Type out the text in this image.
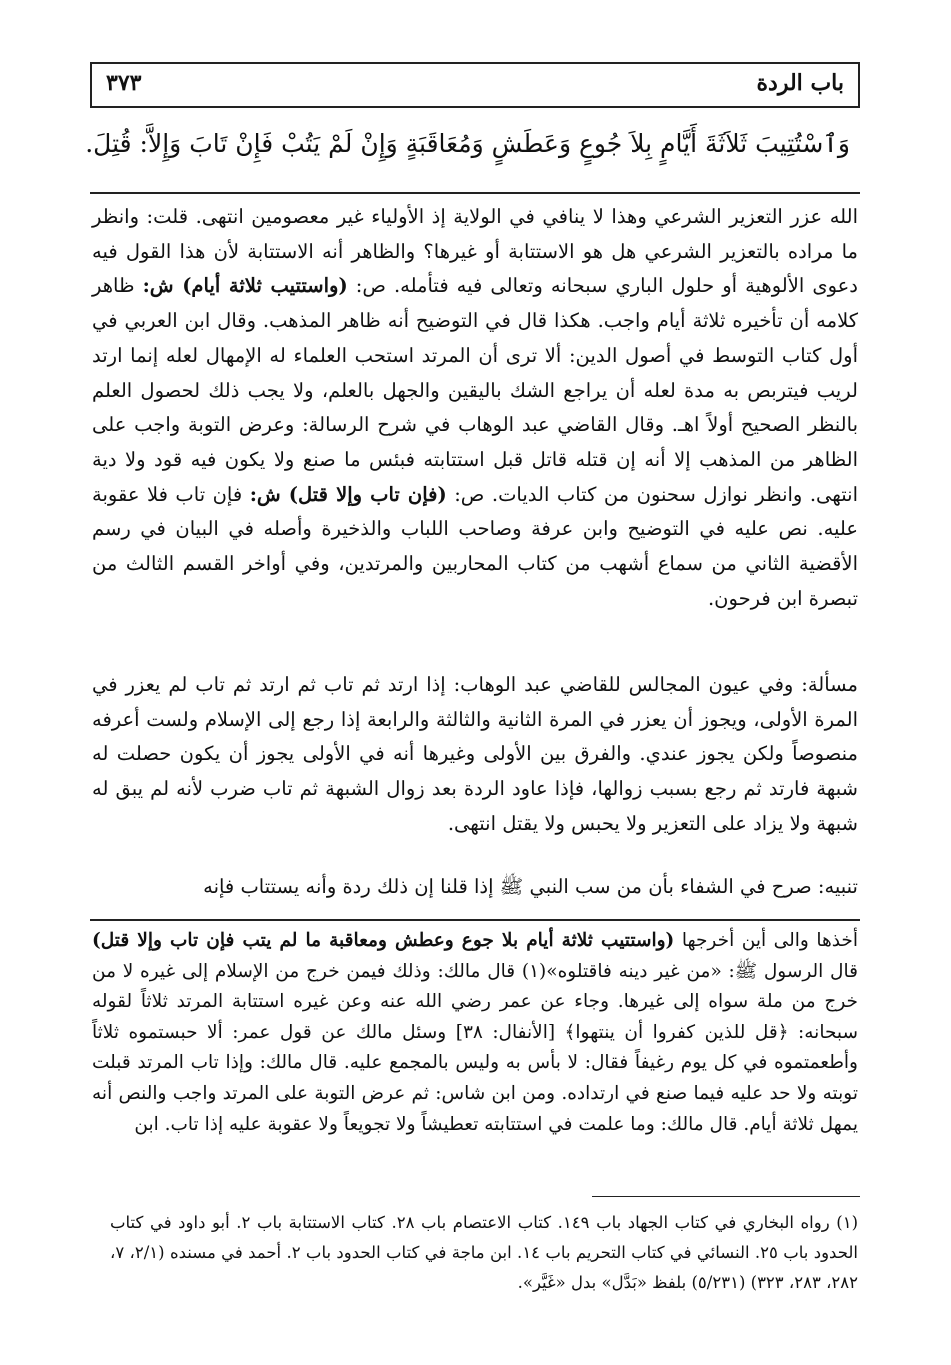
باب الردة
٣٧٣
وَٱسْتُتِيبَ ثَلاَثَةَ أَيَّامٍ بِلاَ جُوعٍ وَعَطَشٍ وَمُعَاقَبَةٍ وَإِنْ لَمْ يَتُبْ فَإِنْ تَابَ وَإِلاَّ: قُتِلَ.

الله عزر التعزير الشرعي وهذا لا ينافي في الولاية إذ الأولياء غير معصومين انتهى. قلت: وانظر ما مراده بالتعزير الشرعي هل هو الاستتابة أو غيرها؟ والظاهر أنه الاستتابة لأن هذا القول فيه دعوى الألوهية أو حلول الباري سبحانه وتعالى فيه فتأمله. ص: (واستتيب ثلاثة أيام) ش: ظاهر كلامه أن تأخيره ثلاثة أيام واجب. هكذا قال في التوضيح أنه ظاهر المذهب. وقال ابن العربي في أول كتاب التوسط في أصول الدين: ألا ترى أن المرتد استحب العلماء له الإمهال لعله إنما ارتد لريب فيتربص به مدة لعله أن يراجع الشك باليقين والجهل بالعلم، ولا يجب ذلك لحصول العلم بالنظر الصحيح أولاً اهـ. وقال القاضي عبد الوهاب في شرح الرسالة: وعرض التوبة واجب على الظاهر من المذهب إلا أنه إن قتله قاتل قبل استتابته فبئس ما صنع ولا يكون فيه قود ولا دية انتهى. وانظر نوازل سحنون من كتاب الديات. ص: (فإن تاب وإلا قتل) ش: فإن تاب فلا عقوبة عليه. نص عليه في التوضيح وابن عرفة وصاحب اللباب والذخيرة وأصله في البيان في رسم الأقضية الثاني من سماع أشهب من كتاب المحاربين والمرتدين، وفي أواخر القسم الثالث من تبصرة ابن فرحون.

مسألة: وفي عيون المجالس للقاضي عبد الوهاب: إذا ارتد ثم تاب ثم ارتد ثم تاب لم يعزر في المرة الأولى، ويجوز أن يعزر في المرة الثانية والثالثة والرابعة إذا رجع إلى الإسلام ولست أعرفه منصوصاً ولكن يجوز عندي. والفرق بين الأولى وغيرها أنه في الأولى يجوز أن يكون حصلت له شبهة فارتد ثم رجع بسبب زوالها، فإذا عاود الردة بعد زوال الشبهة ثم تاب ضرب لأنه لم يبق له شبهة ولا يزاد على التعزير ولا يحبس ولا يقتل انتهى.
تنبيه: صرح في الشفاء بأن من سب النبي ﷺ إذا قلنا إن ذلك ردة وأنه يستتاب فإنه
أخذها والى أين أخرجها (واستتيب ثلاثة أيام بلا جوع وعطش ومعاقبة ما لم يتب فإن تاب وإلا قتل) قال الرسول ﷺ: «من غير دينه فاقتلوه»(١) قال مالك: وذلك فيمن خرج من الإسلام إلى غيره لا من خرج من ملة سواه إلى غيرها. وجاء عن عمر رضي الله عنه وعن غيره استتابة المرتد ثلاثاً لقوله سبحانه: ﴿قل للذين كفروا أن ينتهوا﴾ [الأنفال: ٣٨] وسئل مالك عن قول عمر: ألا حبستموه ثلاثاً وأطعمتموه في كل يوم رغيفاً فقال: لا بأس به وليس بالمجمع عليه. قال مالك: وإذا تاب المرتد قبلت توبته ولا حد عليه فيما صنع في ارتداده. ومن ابن شاس: ثم عرض التوبة على المرتد واجب والنص أنه يمهل ثلاثة أيام. قال مالك: وما علمت في استتابته تعطيشاً ولا تجويعاً ولا عقوبة عليه إذا تاب. ابن
(١) رواه البخاري في كتاب الجهاد باب ١٤٩. كتاب الاعتصام باب ٢٨. كتاب الاستتابة باب ٢. أبو داود في كتاب الحدود باب ٢٥. النسائي في كتاب التحريم باب ١٤. ابن ماجة في كتاب الحدود باب ٢. أحمد في مسنده (٢/١، ٧، ٢٨٢، ٢٨٣، ٣٢٣) (٥/٢٣١) بلفظ «بَدَّل» بدل «غَيَّر».
